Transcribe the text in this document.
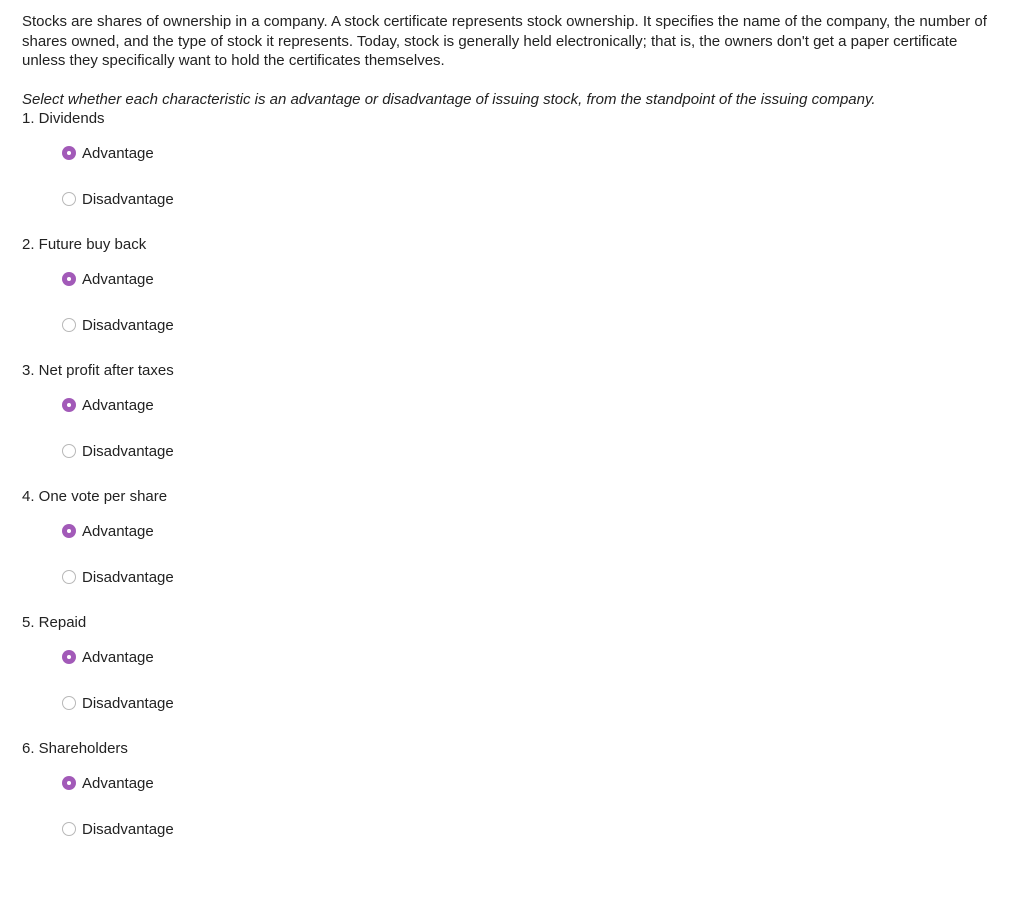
Stocks are shares of ownership in a company. A stock certificate represents stock ownership. It specifies the name of the company, the number of shares owned, and the type of stock it represents. Today, stock is generally held electronically; that is, the owners don't get a paper certificate unless they specifically want to hold the certificates themselves.

Select whether each characteristic is an advantage or disadvantage of issuing stock, from the standpoint of the issuing company.

1. Dividends
Advantage
Disadvantage
2. Future buy back
Advantage
Disadvantage
3. Net profit after taxes
Advantage
Disadvantage
4. One vote per share
Advantage
Disadvantage
5. Repaid
Advantage
Disadvantage
6. Shareholders
Advantage
Disadvantage
